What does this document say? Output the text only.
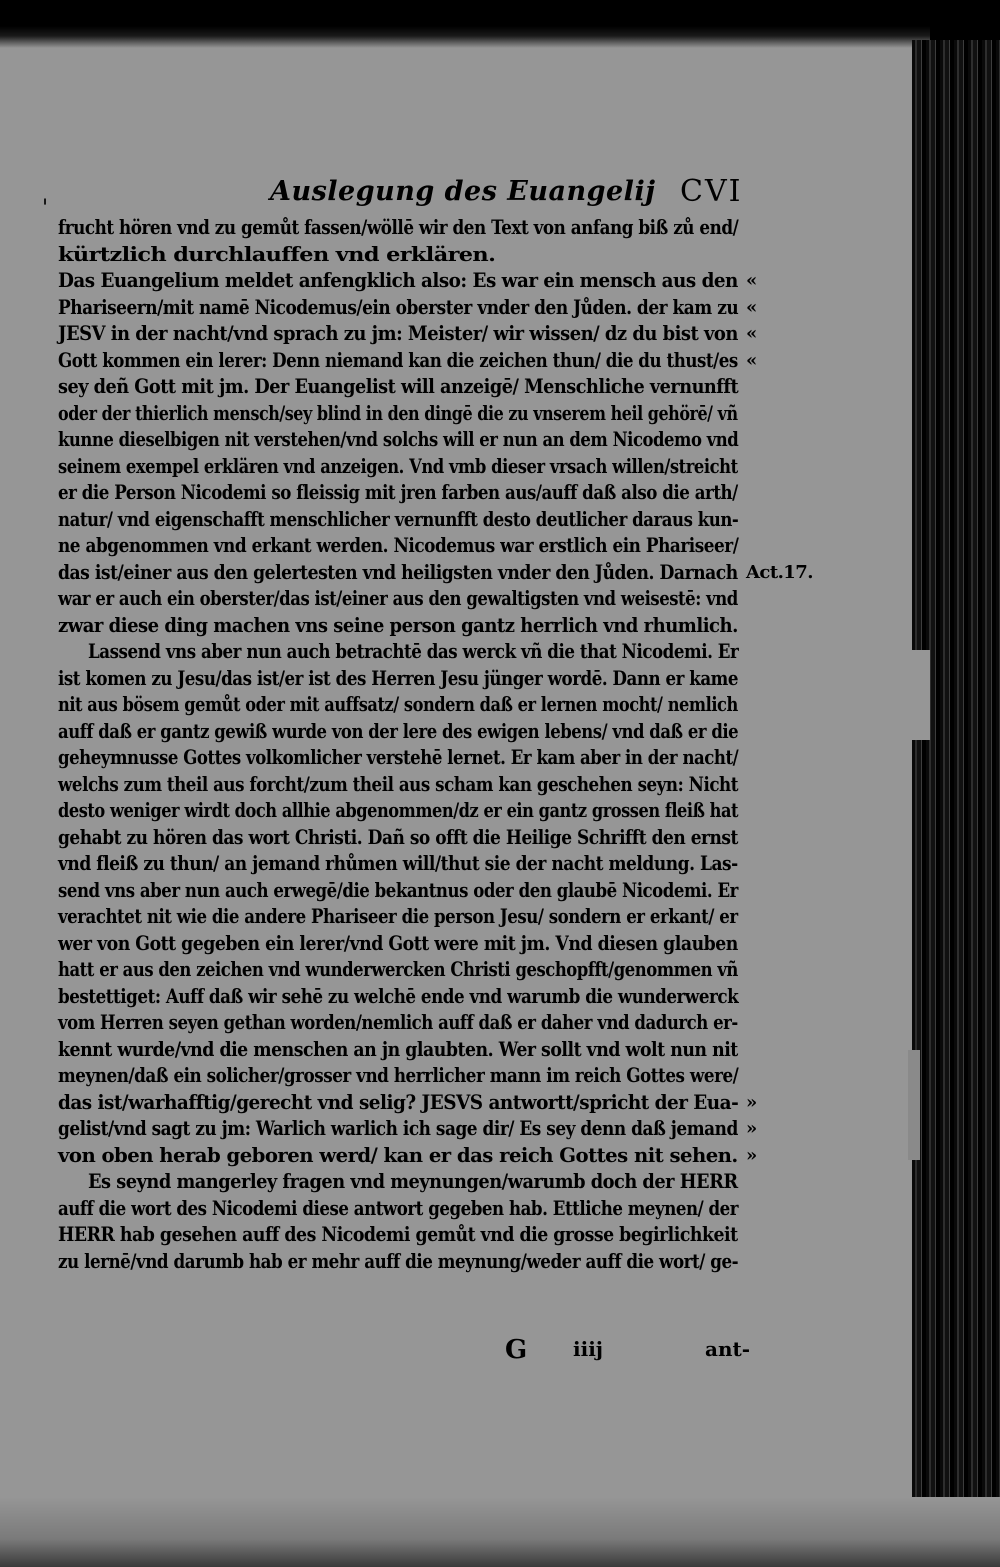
Auslegung des Euangelij CVI
'
frucht hören vnd zu gemůt fassen/wöllē wir den Text von anfang biß zů end/
kürtzlich durchlauffen vnd erklären.
Das Euangelium meldet anfengklich also: Es war ein mensch aus den «
Phariseern/mit namē Nicodemus/ein oberster vnder den Jůden. der kam zu «
JESV in der nacht/vnd sprach zu jm: Meister/ wir wissen/ dz du bist von «
Gott kommen ein lerer: Denn niemand kan die zeichen thun/ die du thust/es «
sey deñ Gott mit jm. Der Euangelist will anzeigē/ Menschliche vernunfft
oder der thierlich mensch/sey blind in den dingē die zu vnserem heil gehörē/ vñ
kunne dieselbigen nit verstehen/vnd solchs will er nun an dem Nicodemo vnd
seinem exempel erklären vnd anzeigen. Vnd vmb dieser vrsach willen/streicht
er die Person Nicodemi so fleissig mit jren farben aus/auff daß also die arth/
natur/ vnd eigenschafft menschlicher vernunfft desto deutlicher daraus kun-
ne abgenommen vnd erkant werden. Nicodemus war erstlich ein Phariseer/
das ist/einer aus den gelertesten vnd heiligsten vnder den Jůden. Darnach Act.17.
war er auch ein oberster/das ist/einer aus den gewaltigsten vnd weisestē: vnd
zwar diese ding machen vns seine person gantz herrlich vnd rhumlich.
Lassend vns aber nun auch betrachtē das werck vñ die that Nicodemi. Er
ist komen zu Jesu/das ist/er ist des Herren Jesu jünger wordē. Dann er kame
nit aus bösem gemůt oder mit auffsatz/ sondern daß er lernen mocht/ nemlich
auff daß er gantz gewiß wurde von der lere des ewigen lebens/ vnd daß er die
geheymnusse Gottes volkomlicher verstehē lernet. Er kam aber in der nacht/
welchs zum theil aus forcht/zum theil aus scham kan geschehen seyn: Nicht
desto weniger wirdt doch allhie abgenommen/dz er ein gantz grossen fleiß hat
gehabt zu hören das wort Christi. Dañ so offt die Heilige Schrifft den ernst
vnd fleiß zu thun/ an jemand rhůmen will/thut sie der nacht meldung. Las-
send vns aber nun auch erwegē/die bekantnus oder den glaubē Nicodemi. Er
verachtet nit wie die andere Phariseer die person Jesu/ sondern er erkant/ er
wer von Gott gegeben ein lerer/vnd Gott were mit jm. Vnd diesen glauben
hatt er aus den zeichen vnd wunderwercken Christi geschopfft/genommen vñ
bestettiget: Auff daß wir sehē zu welchē ende vnd warumb die wunderwerck
vom Herren seyen gethan worden/nemlich auff daß er daher vnd dadurch er-
kennt wurde/vnd die menschen an jn glaubten. Wer sollt vnd wolt nun nit
meynen/daß ein solicher/grosser vnd herrlicher mann im reich Gottes were/
das ist/warhafftig/gerecht vnd selig? JESVS antwortt/spricht der Eua- »
gelist/vnd sagt zu jm: Warlich warlich ich sage dir/ Es sey denn daß jemand »
von oben herab geboren werd/ kan er das reich Gottes nit sehen. »
Es seynd mangerley fragen vnd meynungen/warumb doch der HERR
auff die wort des Nicodemi diese antwort gegeben hab. Ettliche meynen/ der
HERR hab gesehen auff des Nicodemi gemůt vnd die grosse begirlichkeit
zu lernē/vnd darumb hab er mehr auff die meynung/weder auff die wort/ ge-
G iiij	ant-
